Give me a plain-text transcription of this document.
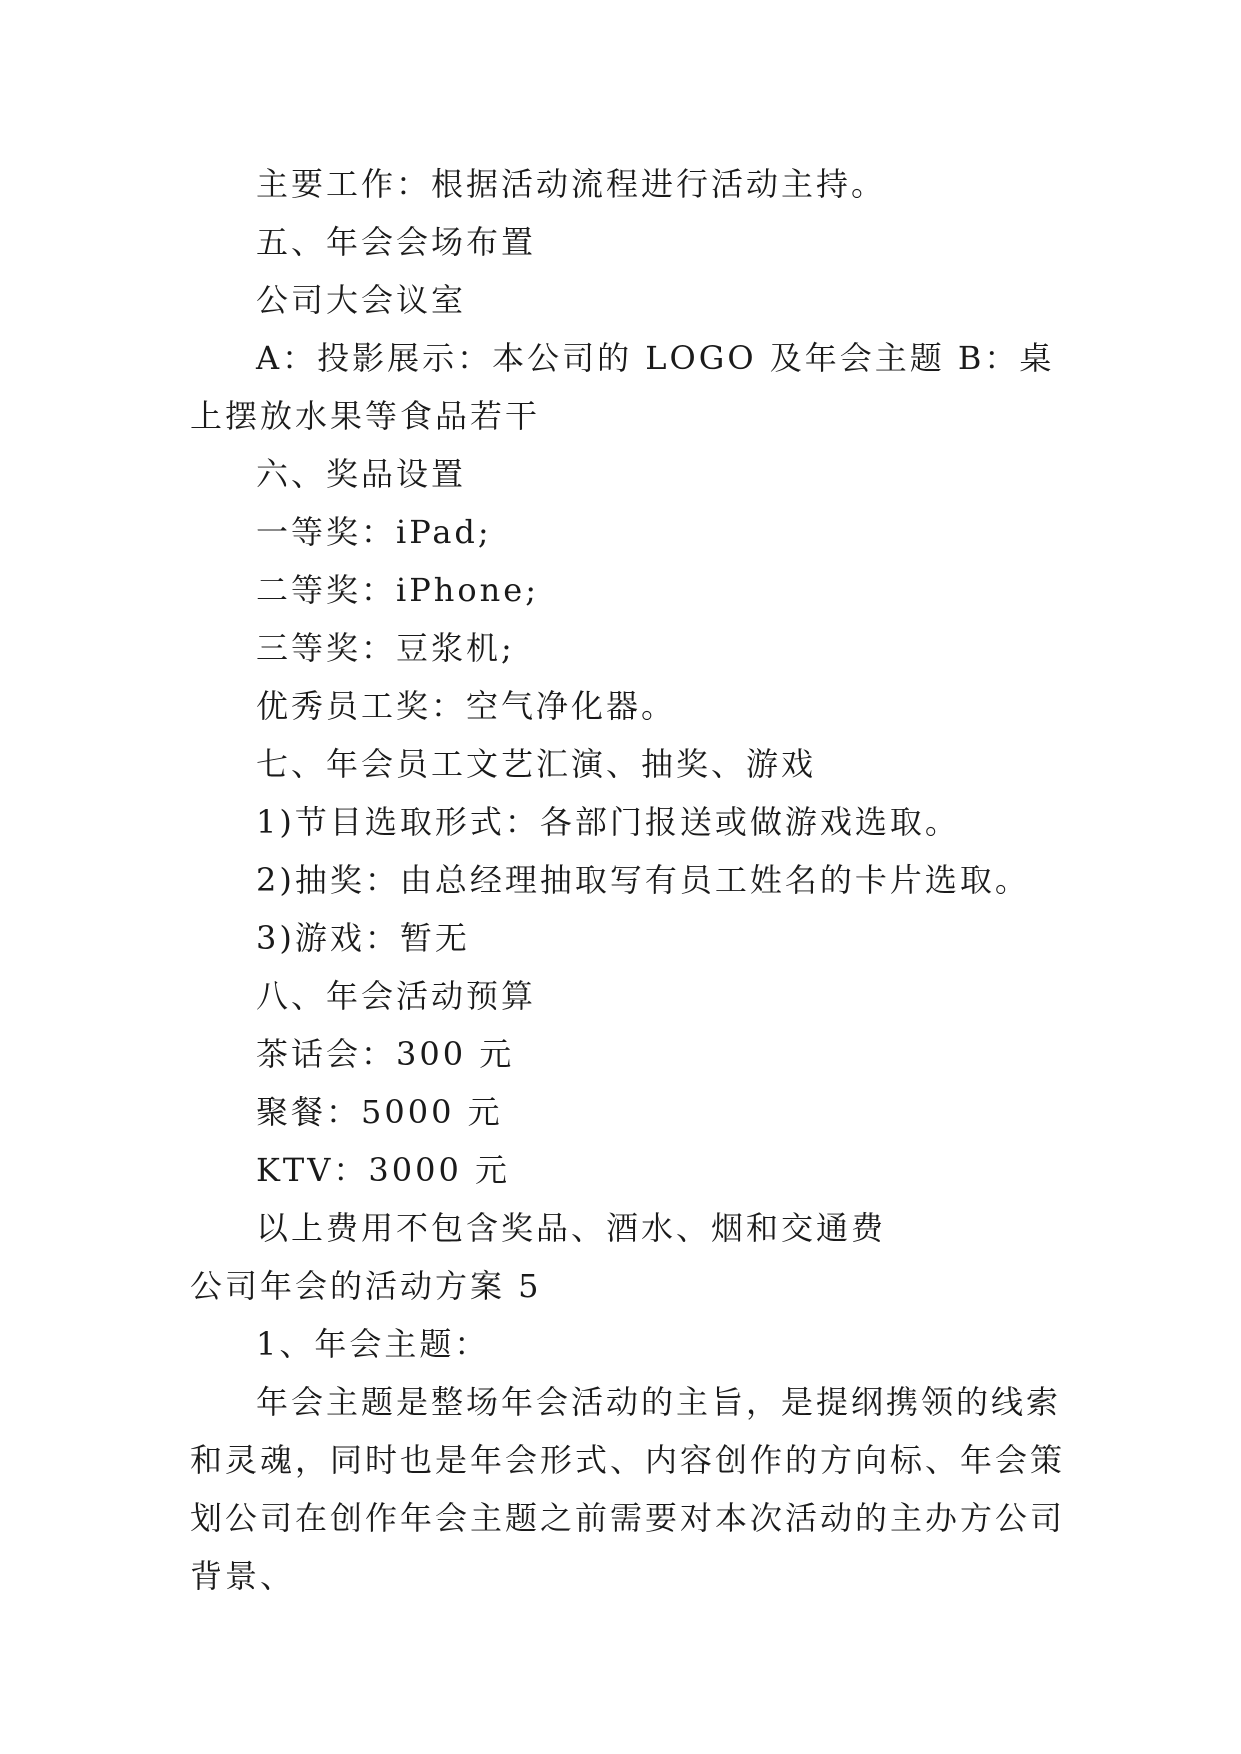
主要工作：根据活动流程进行活动主持。

五、年会会场布置

公司大会议室

A：投影展示：本公司的 LOGO 及年会主题 B：桌上摆放水果等食品若干

六、奖品设置

一等奖：iPad;

二等奖：iPhone;

三等奖：豆浆机;

优秀员工奖：空气净化器。

七、年会员工文艺汇演、抽奖、游戏

1)节目选取形式：各部门报送或做游戏选取。

2)抽奖：由总经理抽取写有员工姓名的卡片选取。

3)游戏：暂无

八、年会活动预算

茶话会：300 元

聚餐：5000 元

KTV：3000 元

以上费用不包含奖品、酒水、烟和交通费

公司年会的活动方案 5

1、年会主题：

年会主题是整场年会活动的主旨，是提纲携领的线索和灵魂，同时也是年会形式、内容创作的方向标、年会策划公司在创作年会主题之前需要对本次活动的主办方公司背景、
